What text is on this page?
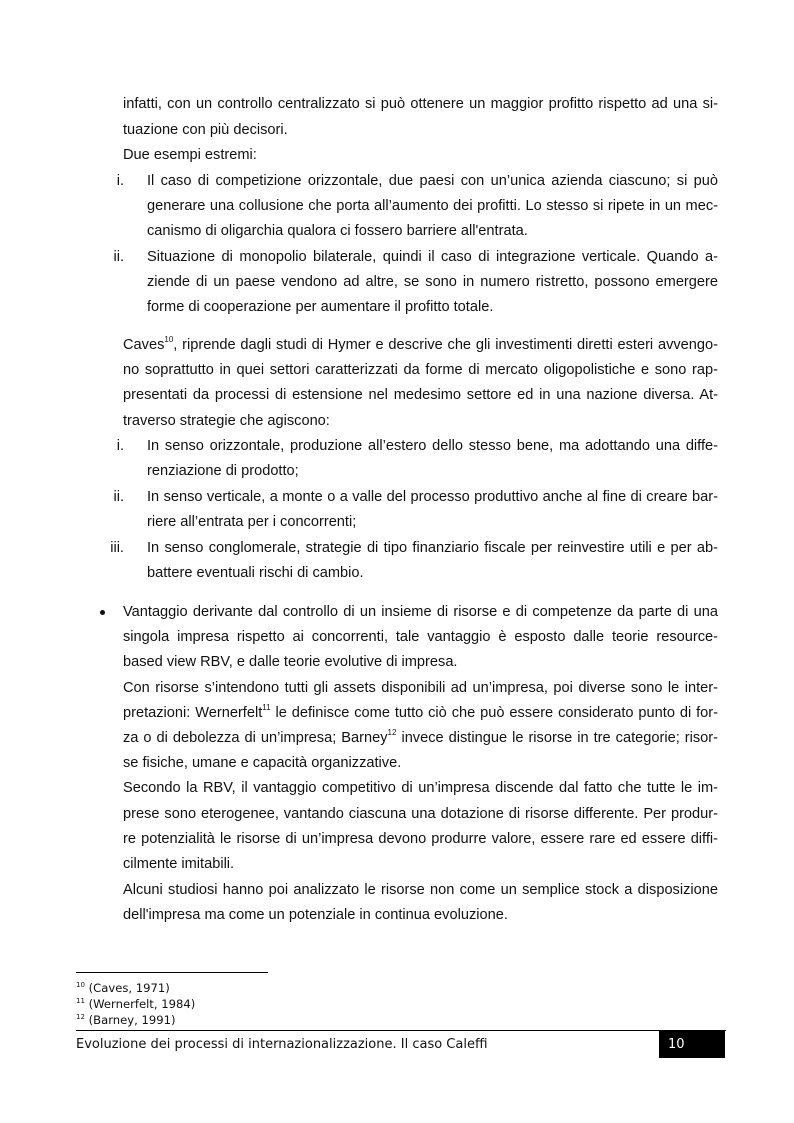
infatti, con un controllo centralizzato si può ottenere un maggior profitto rispetto ad una si-
tuazione con più decisori.
Due esempi estremi:
i. Il caso di competizione orizzontale, due paesi con un’unica azienda ciascuno; si può
generare una collusione che porta all’aumento dei profitti. Lo stesso si ripete in un mec-
canismo di oligarchia qualora ci fossero barriere all'entrata.
ii. Situazione di monopolio bilaterale, quindi il caso di integrazione verticale. Quando a-
ziende di un paese vendono ad altre, se sono in numero ristretto, possono emergere
forme di cooperazione per aumentare il profitto totale.
Caves$^{10}$, riprende dagli studi di Hymer e descrive che gli investimenti diretti esteri avvengo-
no soprattutto in quei settori caratterizzati da forme di mercato oligopolistiche e sono rap-
presentati da processi di estensione nel medesimo settore ed in una nazione diversa. At-
traverso strategie che agiscono:
i. In senso orizzontale, produzione all’estero dello stesso bene, ma adottando una diffe-
renziazione di prodotto;
ii. In senso verticale, a monte o a valle del processo produttivo anche al fine di creare bar-
riere all’entrata per i concorrenti;
iii. In senso conglomerale, strategie di tipo finanziario fiscale per reinvestire utili e per ab-
battere eventuali rischi di cambio.
Vantaggio derivante dal controllo di un insieme di risorse e di competenze da parte di una
singola impresa rispetto ai concorrenti, tale vantaggio è esposto dalle teorie resource-
based view RBV, e dalle teorie evolutive di impresa.
Con risorse s’intendono tutti gli assets disponibili ad un’impresa, poi diverse sono le inter-
pretazioni: Wernerfelt$^{11}$ le definisce come tutto ciò che può essere considerato punto di for-
za o di debolezza di un’impresa; Barney$^{12}$ invece distingue le risorse in tre categorie; risor-
se fisiche, umane e capacità organizzative.
Secondo la RBV, il vantaggio competitivo di un’impresa discende dal fatto che tutte le im-
prese sono eterogenee, vantando ciascuna una dotazione di risorse differente. Per produr-
re potenzialità le risorse di un’impresa devono produrre valore, essere rare ed essere diffi-
cilmente imitabili.
Alcuni studiosi hanno poi analizzato le risorse non come un semplice stock a disposizione
dell'impresa ma come un potenziale in continua evoluzione.
$^{10}$ (Caves, 1971)
$^{11}$ (Wernerfelt, 1984)
$^{12}$ (Barney, 1991)
Evoluzione dei processi di internazionalizzazione. Il caso Caleffi	10
